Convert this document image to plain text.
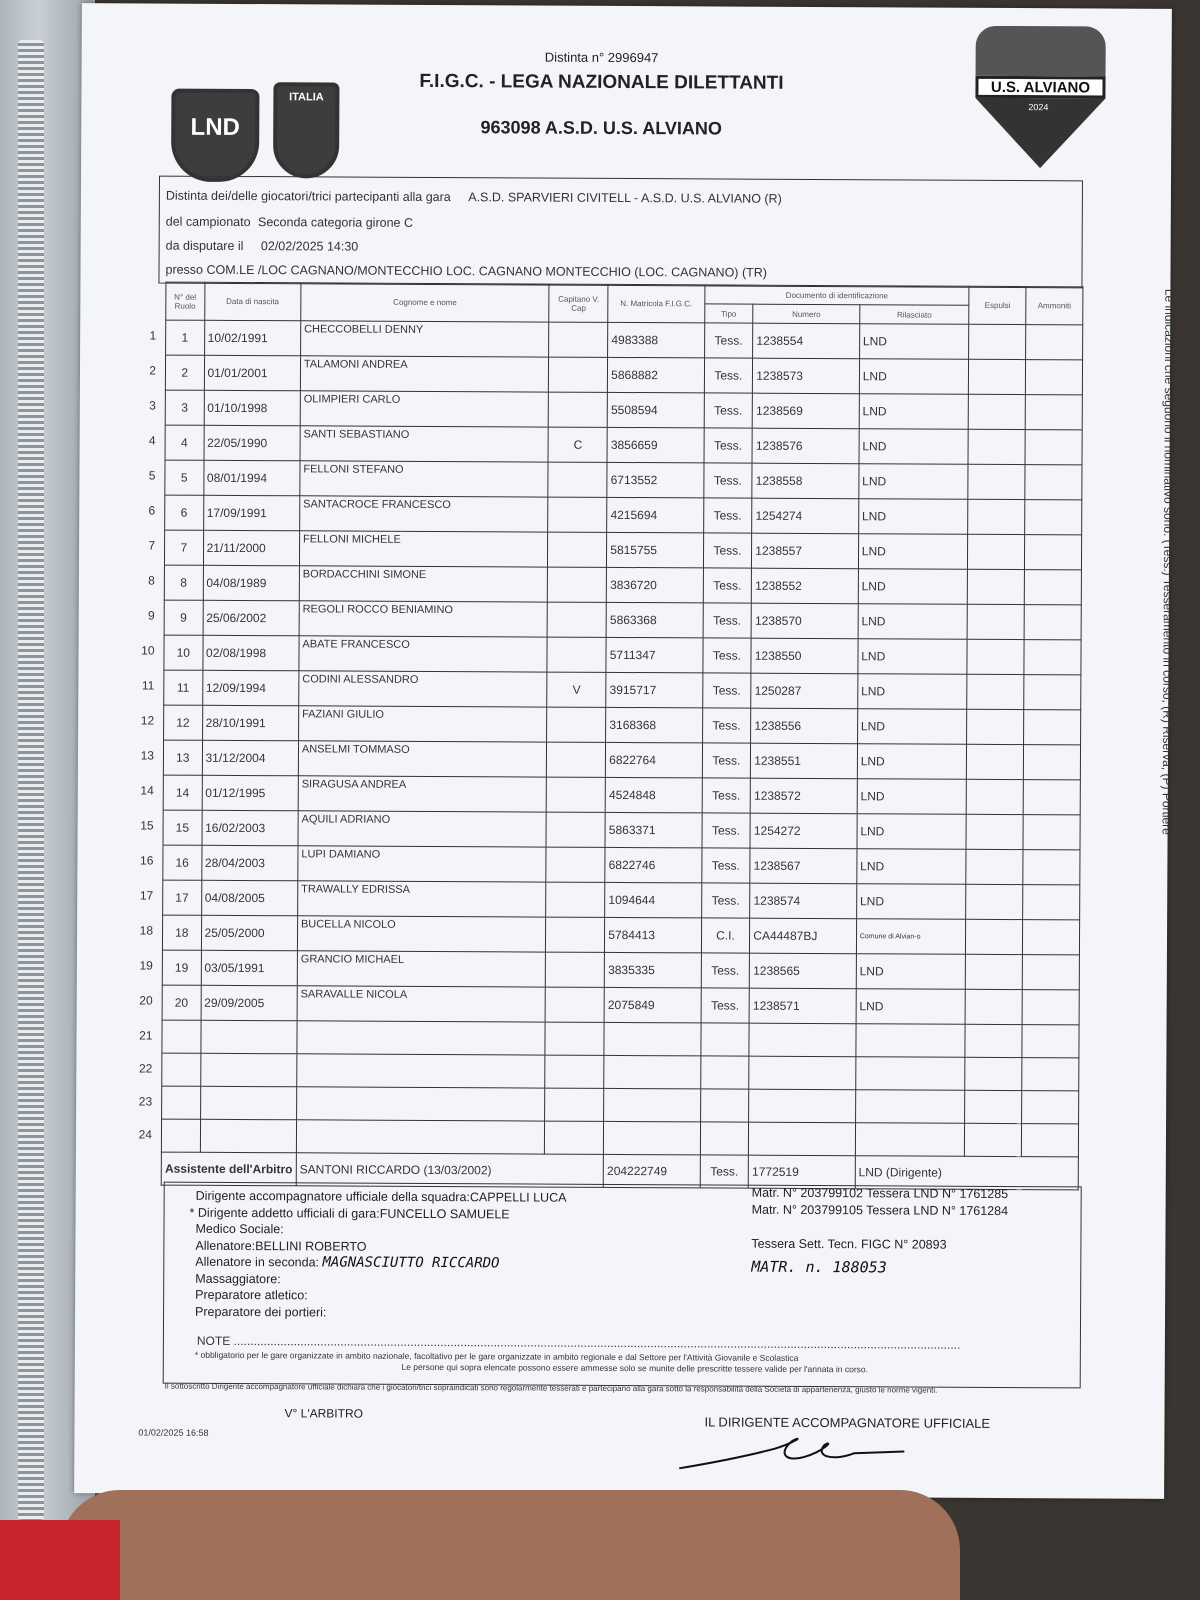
LND
ITALIA
U.S. ALVIANO
2024
Distinta n° 2996947
F.I.G.C. - LEGA NAZIONALE DILETTANTI
963098 A.S.D. U.S. ALVIANO
Distinta dei/delle giocatori/trici partecipanti alla gara A.S.D. SPARVIERI CIVITELL - A.S.D. U.S. ALVIANO (R)
del campionato Seconda categoria girone C
da disputare il 02/02/2025 14:30
presso COM.LE /LOC CAGNANO/MONTECCHIO LOC. CAGNANO MONTECCHIO (LOC. CAGNANO) (TR)
N° del Ruolo	Data di nascita	Cognome e nome	Capitano V. Cap	N. Matricola F.I.G.C.	Documento di identificazione			Espulsi	Ammoniti
					Tipo	Numero	Rilasciato		
1	10/02/1991	CHECCOBELLI DENNY		4983388	Tess.	1238554	LND		
2	01/01/2001	TALAMONI ANDREA		5868882	Tess.	1238573	LND		
3	01/10/1998	OLIMPIERI CARLO		5508594	Tess.	1238569	LND		
4	22/05/1990	SANTI SEBASTIANO	C	3856659	Tess.	1238576	LND		
5	08/01/1994	FELLONI STEFANO		6713552	Tess.	1238558	LND		
6	17/09/1991	SANTACROCE FRANCESCO		4215694	Tess.	1254274	LND		
7	21/11/2000	FELLONI MICHELE		5815755	Tess.	1238557	LND		
8	04/08/1989	BORDACCHINI SIMONE		3836720	Tess.	1238552	LND		
9	25/06/2002	REGOLI ROCCO BENIAMINO		5863368	Tess.	1238570	LND		
10	02/08/1998	ABATE FRANCESCO		5711347	Tess.	1238550	LND		
11	12/09/1994	CODINI ALESSANDRO	V	3915717	Tess.	1250287	LND		
12	28/10/1991	FAZIANI GIULIO		3168368	Tess.	1238556	LND		
13	31/12/2004	ANSELMI TOMMASO		6822764	Tess.	1238551	LND		
14	01/12/1995	SIRAGUSA ANDREA		4524848	Tess.	1238572	LND		
15	16/02/2003	AQUILI ADRIANO		5863371	Tess.	1254272	LND		
16	28/04/2003	LUPI DAMIANO		6822746	Tess.	1238567	LND		
17	04/08/2005	TRAWALLY EDRISSA		1094644	Tess.	1238574	LND		
18	25/05/2000	BUCELLA NICOLO		5784413	C.I.	CA44487BJ	Comune di Alvian-o		
19	03/05/1991	GRANCIO MICHAEL		3835335	Tess.	1238565	LND		
20	29/09/2005	SARAVALLE NICOLA		2075849	Tess.	1238571	LND		

Assistente dell'Arbitro		SANTONI RICCARDO (13/03/2002)		204222749	Tess.	1772519	LND (Dirigente)		
1
2
3
4
5
6
7
8
9
10
11
12
13
14
15
16
17
18
19
20
21
22
23
24
Le indicazioni che seguono il nominativo sono: (Tess.) Tesseramento in corso, (R) Riserva, (P) Portiere
Dirigente accompagnatore ufficiale della squadra:CAPPELLI LUCA
* Dirigente addetto ufficiali di gara:FUNCELLO SAMUELE
Medico Sociale:
Allenatore:BELLINI ROBERTO
Allenatore in seconda: MAGNASCIUTTO RICCARDO
Massaggiatore:
Preparatore atletico:
Preparatore dei portieri:
Matr. N° 203799102 Tessera LND N° 1761285
Matr. N° 203799105 Tessera LND N° 1761284
Tessera Sett. Tecn. FIGC N° 20893
MATR. n. 188053
NOTE ..........................................................................................................................................................................................................................
* obbligatorio per le gare organizzate in ambito nazionale, facoltativo per le gare organizzate in ambito regionale e dal Settore per l'Attività Giovanile e Scolastica
Le persone qui sopra elencate possono essere ammesse solo se munite delle prescritte tessere valide per l'annata in corso.
Il sottoscritto Dirigente accompagnatore ufficiale dichiara che i giocatori/trici sopraindicati sono regolarmente tesserati e partecipano alla gara sotto la responsabilità della Società di appartenenza, giusto le norme vigenti.
V° L'ARBITRO
IL DIRIGENTE ACCOMPAGNATORE UFFICIALE
01/02/2025 16:58
